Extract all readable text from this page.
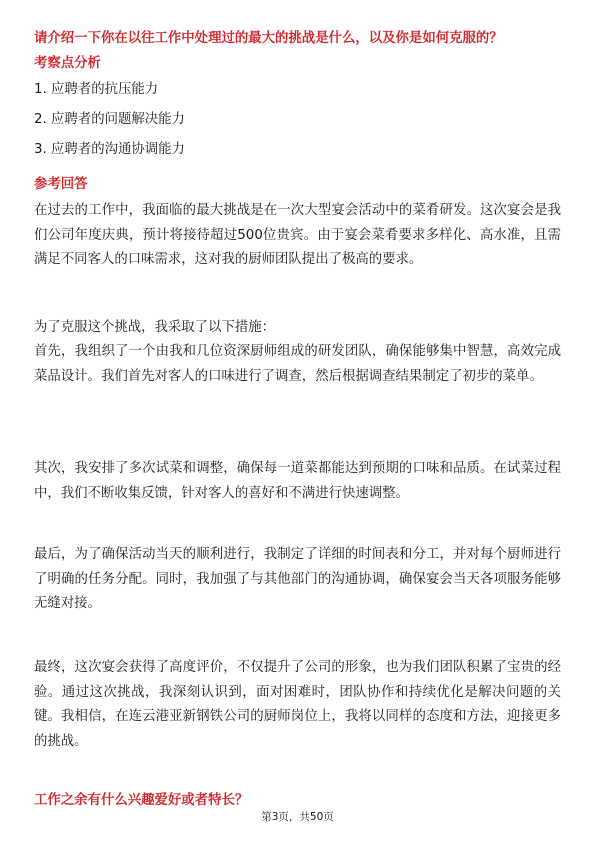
请介绍一下你在以往工作中处理过的最大的挑战是什么，以及你是如何克服的？
考察点分析
1. 应聘者的抗压能力
2. 应聘者的问题解决能力
3. 应聘者的沟通协调能力
参考回答
在过去的工作中，我面临的最大挑战是在一次大型宴会活动中的菜肴研发。这次宴会是我们公司年度庆典，预计将接待超过500位贵宾。由于宴会菜肴要求多样化、高水准，且需满足不同客人的口味需求，这对我的厨师团队提出了极高的要求。
为了克服这个挑战，我采取了以下措施：
首先，我组织了一个由我和几位资深厨师组成的研发团队，确保能够集中智慧，高效完成菜品设计。我们首先对客人的口味进行了调查，然后根据调查结果制定了初步的菜单。
其次，我安排了多次试菜和调整，确保每一道菜都能达到预期的口味和品质。在试菜过程中，我们不断收集反馈，针对客人的喜好和不满进行快速调整。
最后，为了确保活动当天的顺利进行，我制定了详细的时间表和分工，并对每个厨师进行了明确的任务分配。同时，我加强了与其他部门的沟通协调，确保宴会当天各项服务能够无缝对接。
最终，这次宴会获得了高度评价，不仅提升了公司的形象，也为我们团队积累了宝贵的经验。通过这次挑战，我深刻认识到，面对困难时，团队协作和持续优化是解决问题的关键。我相信，在连云港亚新钢铁公司的厨师岗位上，我将以同样的态度和方法，迎接更多的挑战。
工作之余有什么兴趣爱好或者特长？
第3页，共50页
